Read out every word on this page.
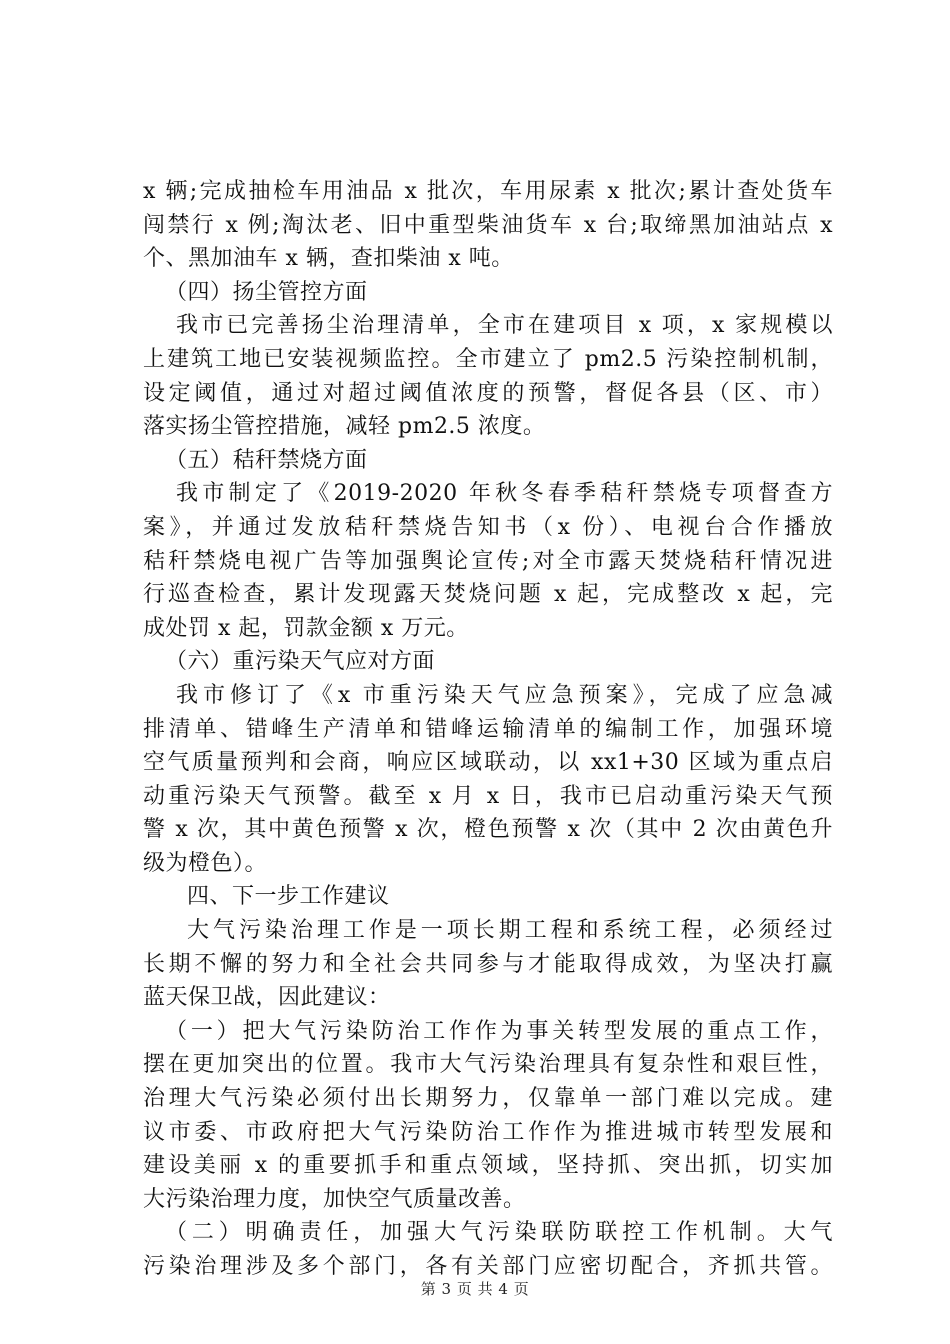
x 辆;完成抽检车用油品 x 批次，车用尿素 x 批次;累计查处货车
闯禁行 x 例;淘汰老、旧中重型柴油货车 x 台;取缔黑加油站点 x
个、黑加油车 x 辆，查扣柴油 x 吨。
（四）扬尘管控方面
我市已完善扬尘治理清单，全市在建项目 x 项，x 家规模以
上建筑工地已安装视频监控。全市建立了 pm2.5 污染控制机制，
设定阈值，通过对超过阈值浓度的预警，督促各县（区、市）
落实扬尘管控措施，减轻 pm2.5 浓度。
（五）秸秆禁烧方面
我市制定了《2019-2020 年秋冬春季秸秆禁烧专项督查方
案》，并通过发放秸秆禁烧告知书（x 份）、电视台合作播放
秸秆禁烧电视广告等加强舆论宣传;对全市露天焚烧秸秆情况进
行巡查检查，累计发现露天焚烧问题 x 起，完成整改 x 起，完
成处罚 x 起，罚款金额 x 万元。
（六）重污染天气应对方面
我市修订了《x 市重污染天气应急预案》，完成了应急减
排清单、错峰生产清单和错峰运输清单的编制工作，加强环境
空气质量预判和会商，响应区域联动，以 xx1+30 区域为重点启
动重污染天气预警。截至 x 月 x 日，我市已启动重污染天气预
警 x 次，其中黄色预警 x 次，橙色预警 x 次（其中 2 次由黄色升
级为橙色）。
四、下一步工作建议
大气污染治理工作是一项长期工程和系统工程，必须经过
长期不懈的努力和全社会共同参与才能取得成效，为坚决打赢
蓝天保卫战，因此建议：
（一）把大气污染防治工作作为事关转型发展的重点工作，
摆在更加突出的位置。我市大气污染治理具有复杂性和艰巨性，
治理大气污染必须付出长期努力，仅靠单一部门难以完成。建
议市委、市政府把大气污染防治工作作为推进城市转型发展和
建设美丽 x 的重要抓手和重点领域，坚持抓、突出抓，切实加
大污染治理力度，加快空气质量改善。
（二）明确责任，加强大气污染联防联控工作机制。大气
污染治理涉及多个部门，各有关部门应密切配合，齐抓共管。
第 3 页 共 4 页
